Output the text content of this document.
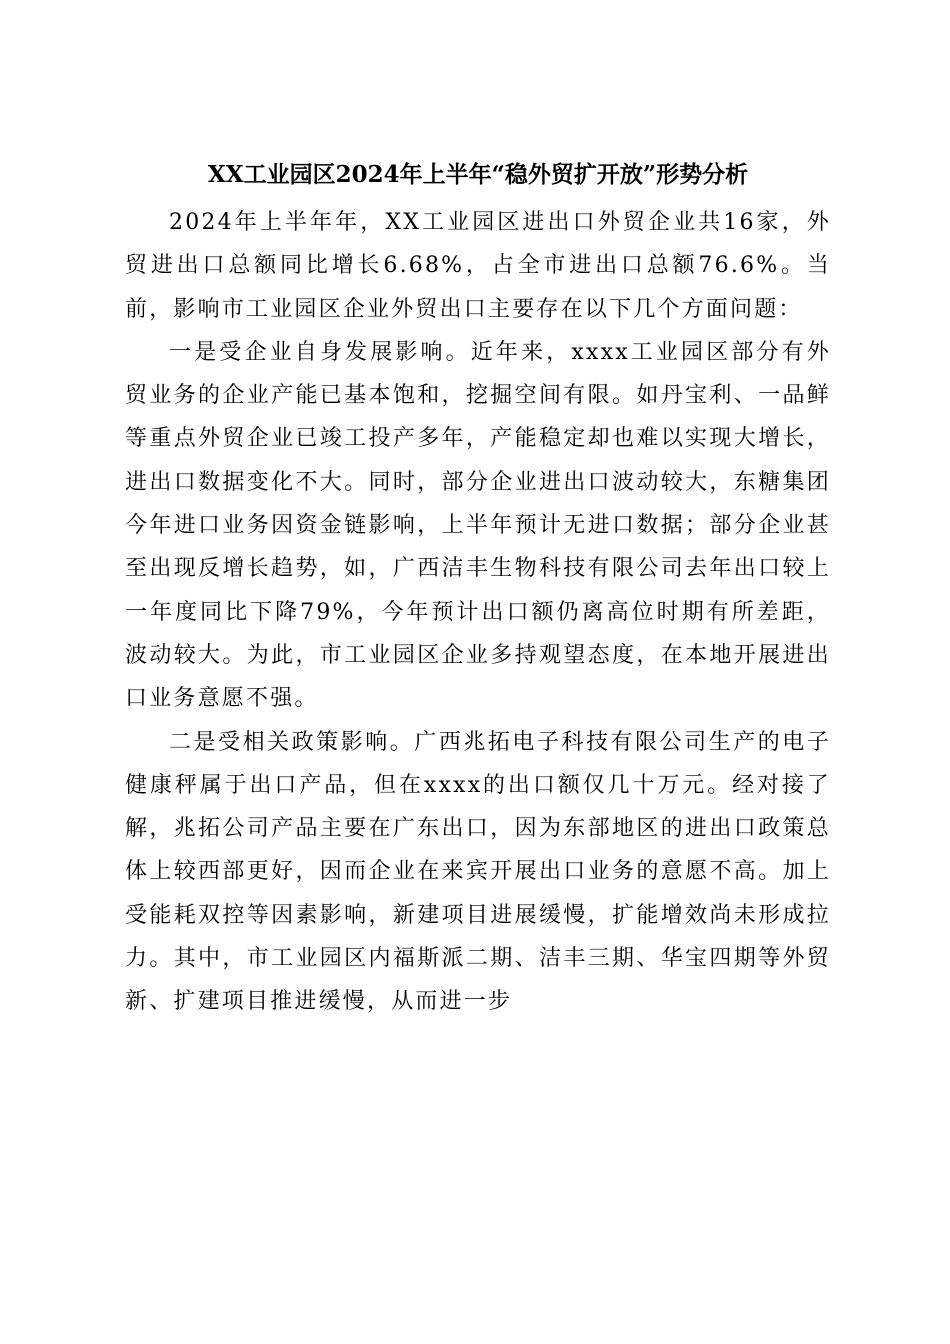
XX工业园区2024年上半年“稳外贸扩开放”形势分析

2024年上半年年，XX工业园区进出口外贸企业共16家，外贸进出口总额同比增长6.68%，占全市进出口总额76.6%。当前，影响市工业园区企业外贸出口主要存在以下几个方面问题：

一是受企业自身发展影响。近年来，xxxx工业园区部分有外贸业务的企业产能已基本饱和，挖掘空间有限。如丹宝利、一品鲜等重点外贸企业已竣工投产多年，产能稳定却也难以实现大增长，进出口数据变化不大。同时，部分企业进出口波动较大，东糖集团今年进口业务因资金链影响，上半年预计无进口数据；部分企业甚至出现反增长趋势，如，广西洁丰生物科技有限公司去年出口较上一年度同比下降79%，今年预计出口额仍离高位时期有所差距，波动较大。为此，市工业园区企业多持观望态度，在本地开展进出口业务意愿不强。

二是受相关政策影响。广西兆拓电子科技有限公司生产的电子健康秤属于出口产品，但在xxxx的出口额仅几十万元。经对接了解，兆拓公司产品主要在广东出口，因为东部地区的进出口政策总体上较西部更好，因而企业在来宾开展出口业务的意愿不高。加上受能耗双控等因素影响，新建项目进展缓慢，扩能增效尚未形成拉力。其中，市工业园区内福斯派二期、洁丰三期、华宝四期等外贸新、扩建项目推进缓慢，从而进一步
